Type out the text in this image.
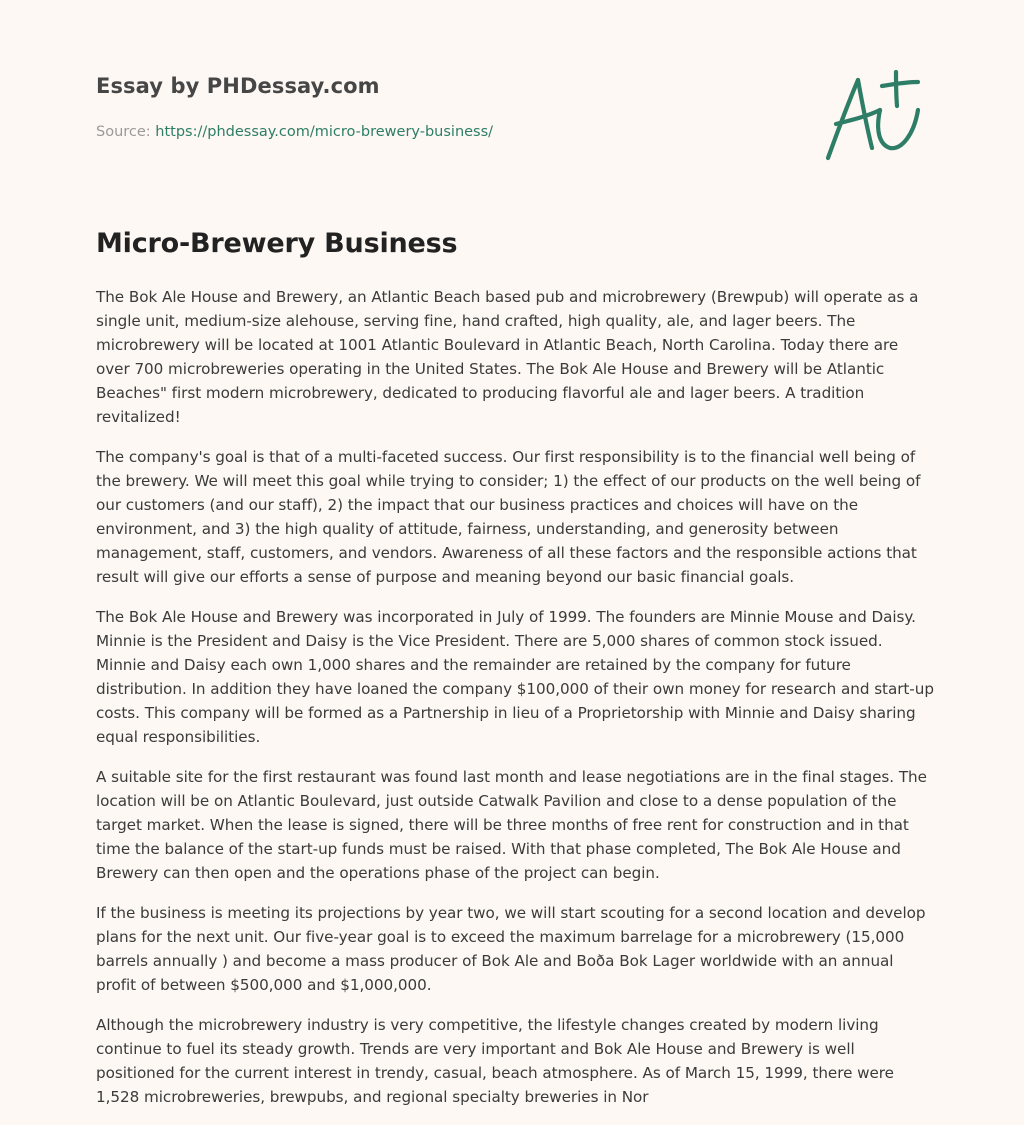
Essay by PHDessay.com
Source: https://phdessay.com/micro-brewery-business/
Micro-Brewery Business

The Bok Ale House and Brewery, an Atlantic Beach based pub and microbrewery (Brewpub) will operate as a single unit, medium-size alehouse, serving fine, hand crafted, high quality, ale, and lager beers. The microbrewery will be located at 1001 Atlantic Boulevard in Atlantic Beach, North Carolina. Today there are over 700 microbreweries operating in the United States. The Bok Ale House and Brewery will be Atlantic Beaches" first modern microbrewery, dedicated to producing flavorful ale and lager beers. A tradition revitalized!

The company's goal is that of a multi-faceted success. Our first responsibility is to the financial well being of the brewery. We will meet this goal while trying to consider; 1) the effect of our products on the well being of our customers (and our staff), 2) the impact that our business practices and choices will have on the environment, and 3) the high quality of attitude, fairness, understanding, and generosity between management, staff, customers, and vendors. Awareness of all these factors and the responsible actions that result will give our efforts a sense of purpose and meaning beyond our basic financial goals.

The Bok Ale House and Brewery was incorporated in July of 1999. The founders are Minnie Mouse and Daisy. Minnie is the President and Daisy is the Vice President. There are 5,000 shares of common stock issued. Minnie and Daisy each own 1,000 shares and the remainder are retained by the company for future distribution. In addition they have loaned the company $100,000 of their own money for research and start-up costs. This company will be formed as a Partnership in lieu of a Proprietorship with Minnie and Daisy sharing equal responsibilities.

A suitable site for the first restaurant was found last month and lease negotiations are in the final stages. The location will be on Atlantic Boulevard, just outside Catwalk Pavilion and close to a dense population of the target market. When the lease is signed, there will be three months of free rent for construction and in that time the balance of the start-up funds must be raised. With that phase completed, The Bok Ale House and Brewery can then open and the operations phase of the project can begin.

If the business is meeting its projections by year two, we will start scouting for a second location and develop plans for the next unit. Our five-year goal is to exceed the maximum barrelage for a microbrewery (15,000 barrels annually ) and become a mass producer of Bok Ale and Boða Bok Lager worldwide with an annual profit of between $500,000 and $1,000,000.

Although the microbrewery industry is very competitive, the lifestyle changes created by modern living continue to fuel its steady growth. Trends are very important and Bok Ale House and Brewery is well positioned for the current interest in trendy, casual, beach atmosphere. As of March 15, 1999, there were 1,528 microbreweries, brewpubs, and regional specialty breweries in Nor
